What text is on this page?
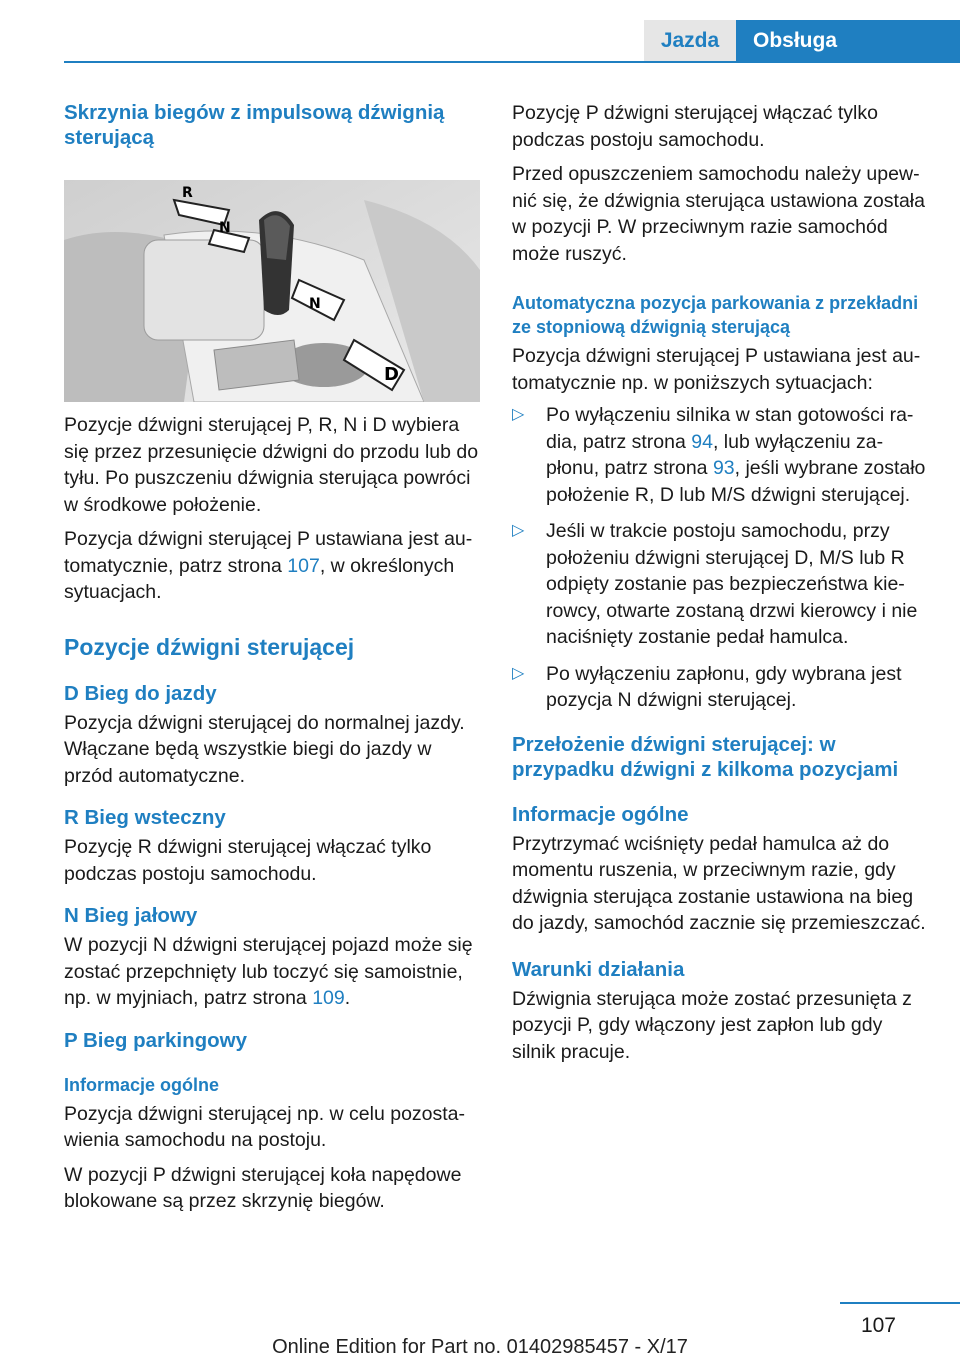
Jazda	Obsługa
Skrzynia biegów z impulsową dźwignią sterującą
R
N
N
D

Pozycje dźwigni sterującej P, R, N i D wybiera się przez przesunięcie dźwigni do przodu lub do tyłu. Po puszczeniu dźwignia sterująca powróci w środkowe położenie.

Pozycja dźwigni sterującej P ustawiana jest automatycznie, patrz strona 107, w określonych sytuacjach.

Pozycje dźwigni sterującej
D Bieg do jazdy

Pozycja dźwigni sterującej do normalnej jazdy. Włączane będą wszystkie biegi do jazdy w przód automatyczne.

R Bieg wsteczny

Pozycję R dźwigni sterującej włączać tylko podczas postoju samochodu.

N Bieg jałowy

W pozycji N dźwigni sterującej pojazd może się zostać przepchnięty lub toczyć się samoistnie, np. w myjniach, patrz strona 109.

P Bieg parkingowy
Informacje ogólne

Pozycja dźwigni sterującej np. w celu pozostawienia samochodu na postoju.

W pozycji P dźwigni sterującej koła napędowe blokowane są przez skrzynię biegów.

Pozycję P dźwigni sterującej włączać tylko podczas postoju samochodu.

Przed opuszczeniem samochodu należy upewnić się, że dźwignia sterująca ustawiona została w pozycji P. W przeciwnym razie samochód może ruszyć.

Automatyczna pozycja parkowania z przekładni ze stopniową dźwignią sterującą

Pozycja dźwigni sterującej P ustawiana jest automatycznie np. w poniższych sytuacjach:

▷ Po wyłączeniu silnika w stan gotowości radia, patrz strona 94, lub wyłączeniu zapłonu, patrz strona 93, jeśli wybrane zostało położenie R, D lub M/S dźwigni sterującej.
▷ Jeśli w trakcie postoju samochodu, przy położeniu dźwigni sterującej D, M/S lub R odpięty zostanie pas bezpieczeństwa kierowcy, otwarte zostaną drzwi kierowcy i nie naciśnięty zostanie pedał hamulca.
▷ Po wyłączeniu zapłonu, gdy wybrana jest pozycja N dźwigni sterującej.
Przełożenie dźwigni sterującej: w przypadku dźwigni z kilkoma pozycjami
Informacje ogólne

Przytrzymać wciśnięty pedał hamulca aż do momentu ruszenia, w przeciwnym razie, gdy dźwignia sterująca zostanie ustawiona na bieg do jazdy, samochód zacznie się przemieszczać.

Warunki działania

Dźwignia sterująca może zostać przesunięta z pozycji P, gdy włączony jest zapłon lub gdy silnik pracuje.

107
Online Edition for Part no. 01402985457 - X/17
